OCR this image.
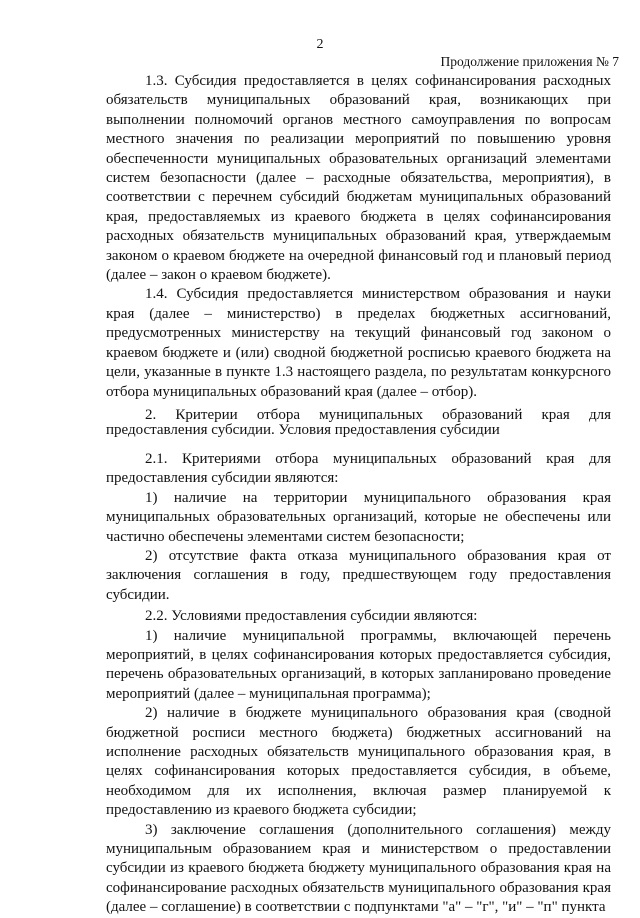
2
Продолжение приложения № 7

1.3. Субсидия предоставляется в целях софинансирования расходных обязательств муниципальных образований края, возникающих при выполнении полномочий органов местного самоуправления по вопросам местного значения по реализации мероприятий по повышению уровня обеспеченности муниципальных образовательных организаций элементами систем безопасности (далее – расходные обязательства, мероприятия), в соответствии с перечнем субсидий бюджетам муниципальных образований края, предоставляемых из краевого бюджета в целях софинансирования расходных обязательств муниципальных образований края, утверждаемым законом о краевом бюджете на очередной финансовый год и плановый период (далее – закон о краевом бюджете).

1.4. Субсидия предоставляется министерством образования и науки края (далее – министерство) в пределах бюджетных ассигнований, предусмотренных министерству на текущий финансовый год законом о краевом бюджете и (или) сводной бюджетной росписью краевого бюджета на цели, указанные в пункте 1.3 настоящего раздела, по результатам конкурсного отбора муниципальных образований края (далее – отбор).

2. Критерии отбора муниципальных образований края для предоставления субсидии. Условия предоставления субсидии

2.1. Критериями отбора муниципальных образований края для предоставления субсидии являются:

1) наличие на территории муниципального образования края муниципальных образовательных организаций, которые не обеспечены или частично обеспечены элементами систем безопасности;

2) отсутствие факта отказа муниципального образования края от заключения соглашения в году, предшествующем году предоставления субсидии.

2.2. Условиями предоставления субсидии являются:

1) наличие муниципальной программы, включающей перечень мероприятий, в целях софинансирования которых предоставляется субсидия, перечень образовательных организаций, в которых запланировано проведение мероприятий (далее – муниципальная программа);

2) наличие в бюджете муниципального образования края (сводной бюджетной росписи местного бюджета) бюджетных ассигнований на исполнение расходных обязательств муниципального образования края, в целях софинансирования которых предоставляется субсидия, в объеме, необходимом для их исполнения, включая размер планируемой к предоставлению из краевого бюджета субсидии;

3) заключение соглашения (дополнительного соглашения) между муниципальным образованием края и министерством о предоставлении субсидии из краевого бюджета бюджету муниципального образования края на софинансирование расходных обязательств муниципального образования края (далее – соглашение) в соответствии с подпунктами "а" – "г", "и" – "п" пункта
